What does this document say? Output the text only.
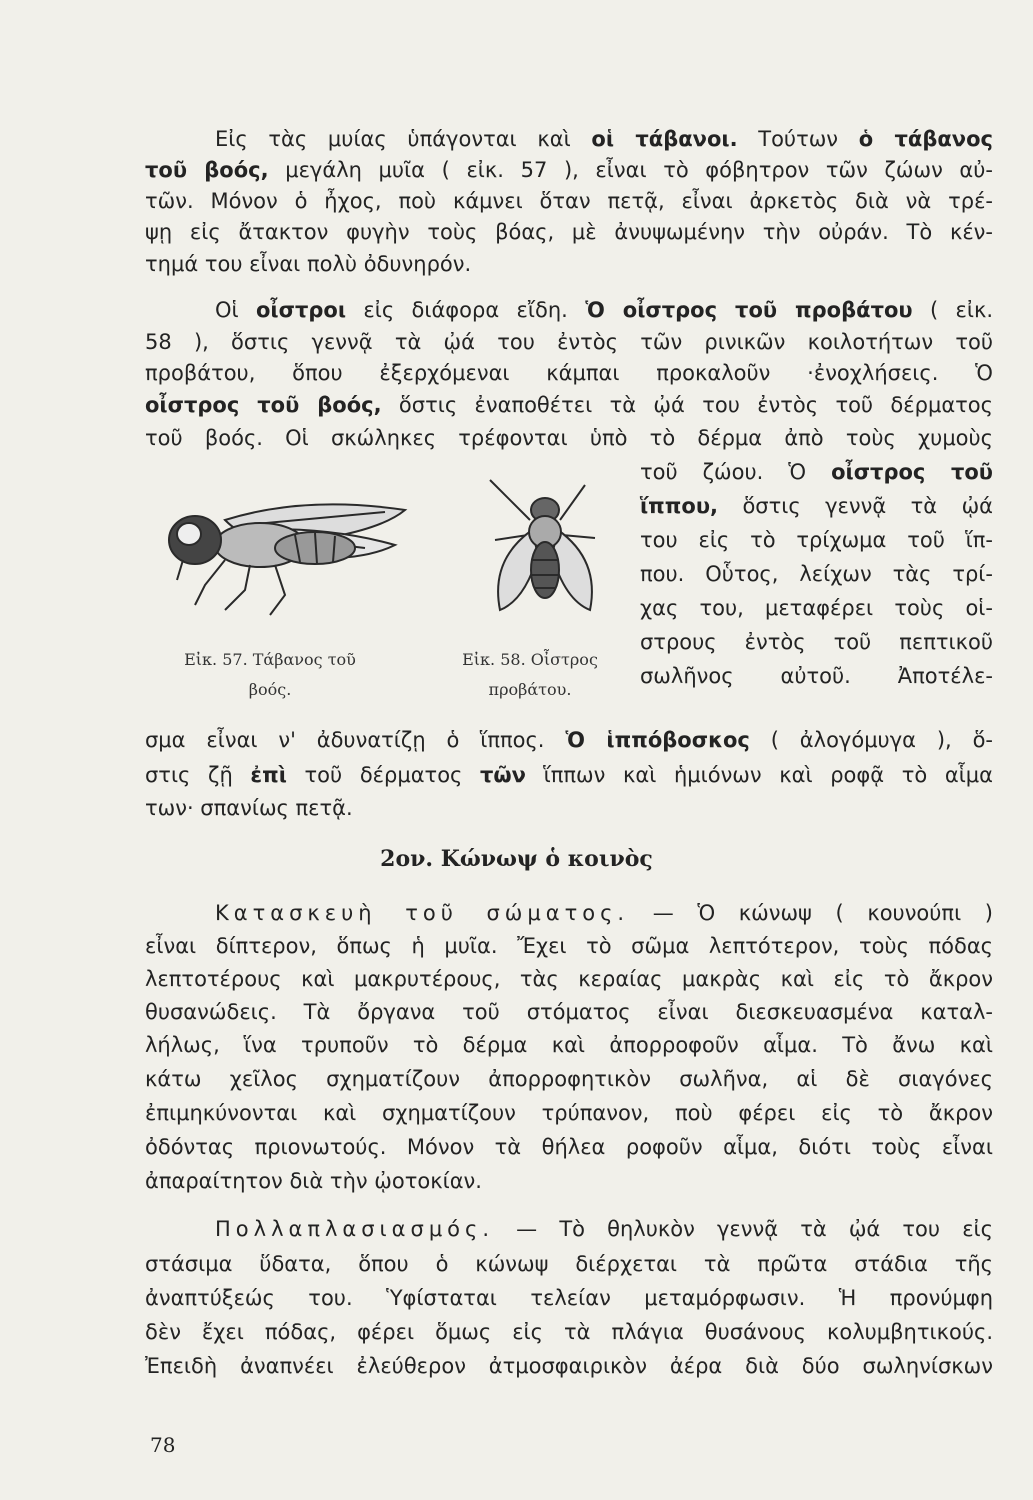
Εἰς τὰς μυίας ὑπάγονται καὶ οἱ τάβανοι. Τούτων ὁ τάβανος
τοῦ βοός, μεγάλη μυῖα ( εἰκ. 57 ), εἶναι τὸ φόβητρον τῶν ζώων αὐ-
τῶν. Μόνον ὁ ἦχος, ποὺ κάμνει ὅταν πετᾷ, εἶναι ἀρκετὸς διὰ νὰ τρέ-
ψῃ εἰς ἄτακτον φυγὴν τοὺς βόας, μὲ ἀνυψωμένην τὴν οὐράν. Τὸ κέν-
τημά του εἶναι πολὺ ὀδυνηρόν.
Οἱ οἶστροι εἰς διάφορα εἴδη. Ὁ οἶστρος τοῦ προβάτου ( εἰκ.
58 ), ὅστις γεννᾷ τὰ ᾠά του ἐντὸς τῶν ρινικῶν κοιλοτήτων τοῦ
προβάτου, ὅπου ἐξερχόμεναι κάμπαι προκαλοῦν ·ἐνοχλήσεις. Ὁ
οἶστρος τοῦ βοός, ὅστις ἐναποθέτει τὰ ᾠά του ἐντὸς τοῦ δέρματος
τοῦ βοός. Οἱ σκώληκες τρέφονται ὑπὸ τὸ δέρμα ἀπὸ τοὺς χυμοὺς
τοῦ ζώου. Ὁ οἶστρος τοῦ
ἵππου, ὅστις γεννᾷ τὰ ᾠά
του εἰς τὸ τρίχωμα τοῦ ἵπ-
που. Οὗτος, λείχων τὰς τρί-
χας του, μεταφέρει τοὺς οἱ-
στρους ἐντὸς τοῦ πεπτικοῦ
σωλῆνος αὐτοῦ. Ἀποτέλε-
Εἰκ. 57. Τάβανος τοῦ
βοός.
Εἰκ. 58. Οἶστρος
προβάτου.
σμα εἶναι ν' ἀδυνατίζῃ ὁ ἵππος. Ὁ ἱππόβοσκος ( ἀλογόμυγα ), ὅ-
στις ζῇ ἐπὶ τοῦ δέρματος τῶν ἵππων καὶ ἡμιόνων καὶ ροφᾷ τὸ αἷμα
των· σπανίως πετᾷ.
2ον. Κώνωψ ὁ κοινὸς
Κατασκευὴ τοῦ σώματος. — Ὁ κώνωψ ( κουνούπι )
εἶναι δίπτερον, ὅπως ἡ μυῖα. Ἔχει τὸ σῶμα λεπτότερον, τοὺς πόδας
λεπτοτέρους καὶ μακρυτέρους, τὰς κεραίας μακρὰς καὶ εἰς τὸ ἄκρον
θυσανώδεις. Τὰ ὄργανα τοῦ στόματος εἶναι διεσκευασμένα καταλ-
λήλως, ἵνα τρυποῦν τὸ δέρμα καὶ ἀπορροφοῦν αἷμα. Τὸ ἄνω καὶ
κάτω χεῖλος σχηματίζουν ἀπορροφητικὸν σωλῆνα, αἱ δὲ σιαγόνες
ἐπιμηκύνονται καὶ σχηματίζουν τρύπανον, ποὺ φέρει εἰς τὸ ἄκρον
ὀδόντας πριονωτούς. Μόνον τὰ θήλεα ροφοῦν αἷμα, διότι τοὺς εἶναι
ἀπαραίτητον διὰ τὴν ᾠοτοκίαν.
Πολλαπλασιασμός. — Τὸ θηλυκὸν γεννᾷ τὰ ᾠά του εἰς
στάσιμα ὕδατα, ὅπου ὁ κώνωψ διέρχεται τὰ πρῶτα στάδια τῆς
ἀναπτύξεώς του. Ὑφίσταται τελείαν μεταμόρφωσιν. Ἡ προνύμφη
δὲν ἔχει πόδας, φέρει ὅμως εἰς τὰ πλάγια θυσάνους κολυμβητικούς.
Ἐπειδὴ ἀναπνέει ἐλεύθερον ἀτμοσφαιρικὸν ἀέρα διὰ δύο σωληνίσκων
78
